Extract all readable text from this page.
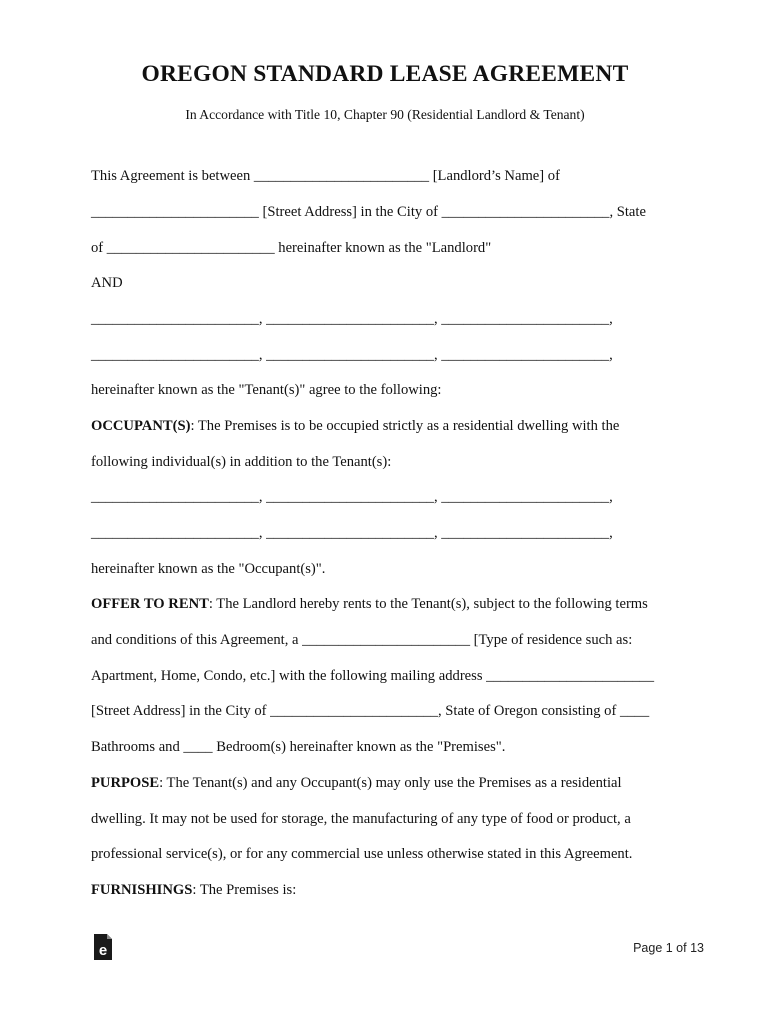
OREGON STANDARD LEASE AGREEMENT
In Accordance with Title 10, Chapter 90 (Residential Landlord & Tenant)
This Agreement is between ________________________ [Landlord’s Name] of
_______________________ [Street Address] in the City of _______________________, State
of _______________________ hereinafter known as the "Landlord"
AND
_______________________, _______________________, _______________________,
_______________________, _______________________, _______________________,
hereinafter known as the "Tenant(s)" agree to the following:
OCCUPANT(S): The Premises is to be occupied strictly as a residential dwelling with the
following individual(s) in addition to the Tenant(s):
_______________________, _______________________, _______________________,
_______________________, _______________________, _______________________,
hereinafter known as the "Occupant(s)".
OFFER TO RENT: The Landlord hereby rents to the Tenant(s), subject to the following terms
and conditions of this Agreement, a _______________________ [Type of residence such as:
Apartment, Home, Condo, etc.] with the following mailing address _______________________
[Street Address] in the City of _______________________, State of Oregon consisting of ____
Bathrooms and ____ Bedroom(s) hereinafter known as the "Premises".
PURPOSE: The Tenant(s) and any Occupant(s) may only use the Premises as a residential
dwelling. It may not be used for storage, the manufacturing of any type of food or product, a
professional service(s), or for any commercial use unless otherwise stated in this Agreement.
FURNISHINGS: The Premises is:
e	Page 1 of 13
